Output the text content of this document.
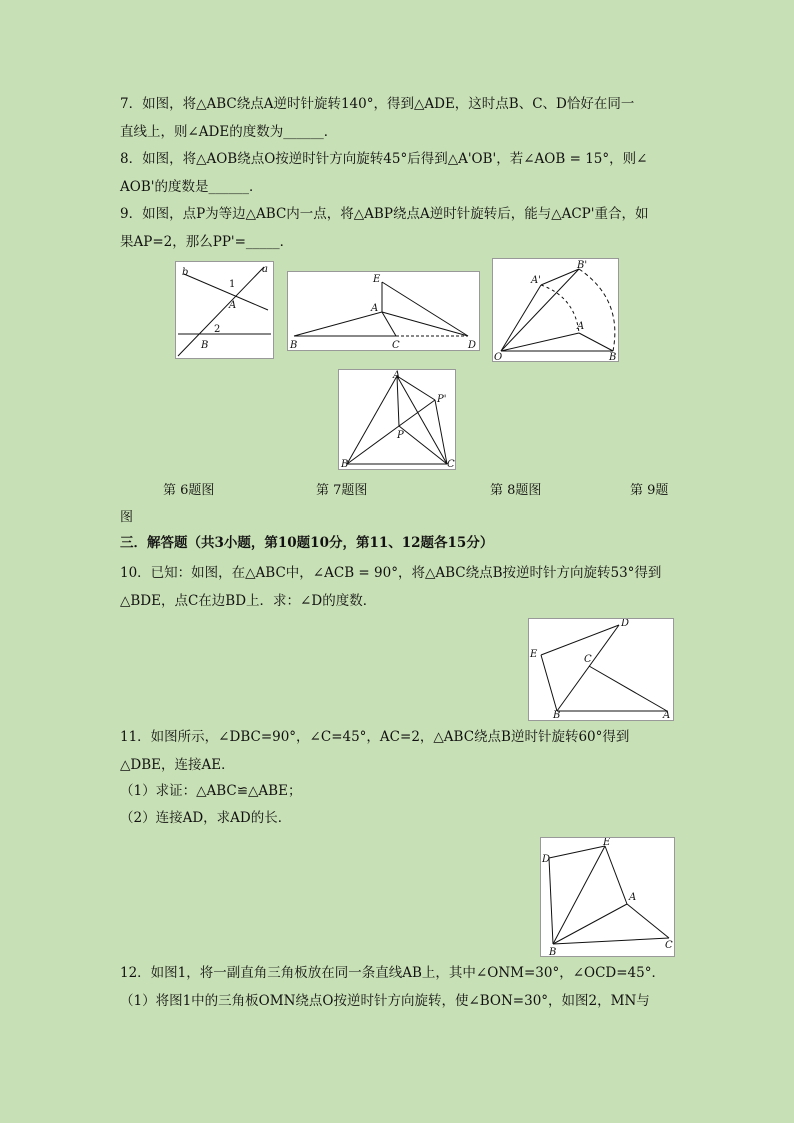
7．如图，将△ABC绕点A逆时针旋转140°，得到△ADE，这时点B、C、D恰好在同一
直线上，则∠ADE的度数为______．
8．如图，将△AOB绕点O按逆时针方向旋转45°后得到△A'OB'，若∠AOB = 15°，则∠
AOB'的度数是______．
9．如图，点P为等边△ABC内一点，将△ABP绕点A逆时针旋转后，能与△ACP'重合，如
果AP=2，那么PP'=_____．
b	a
1
A
2
B
E
A
B	C	D
A'
B'
A
O	B
A
P'
P
B	C
第 6题图	第 7题图	第 8题图	第 9题
图
三．解答题（共3小题，第10题10分，第11、12题各15分）
10．已知：如图，在△ABC中，∠ACB = 90°，将△ABC绕点B按逆时针方向旋转53°得到
△BDE，点C在边BD上．求：∠D的度数．
D
E	C
B	A
11．如图所示，∠DBC=90°，∠C=45°，AC=2，△ABC绕点B逆时针旋转60°得到
△DBE，连接AE．
（1）求证：△ABC≌△ABE；
（2）连接AD，求AD的长．
E
D
A
B
C
12．如图1，将一副直角三角板放在同一条直线AB上，其中∠ONM=30°，∠OCD=45°．
（1）将图1中的三角板OMN绕点O按逆时针方向旋转，使∠BON=30°，如图2，MN与
